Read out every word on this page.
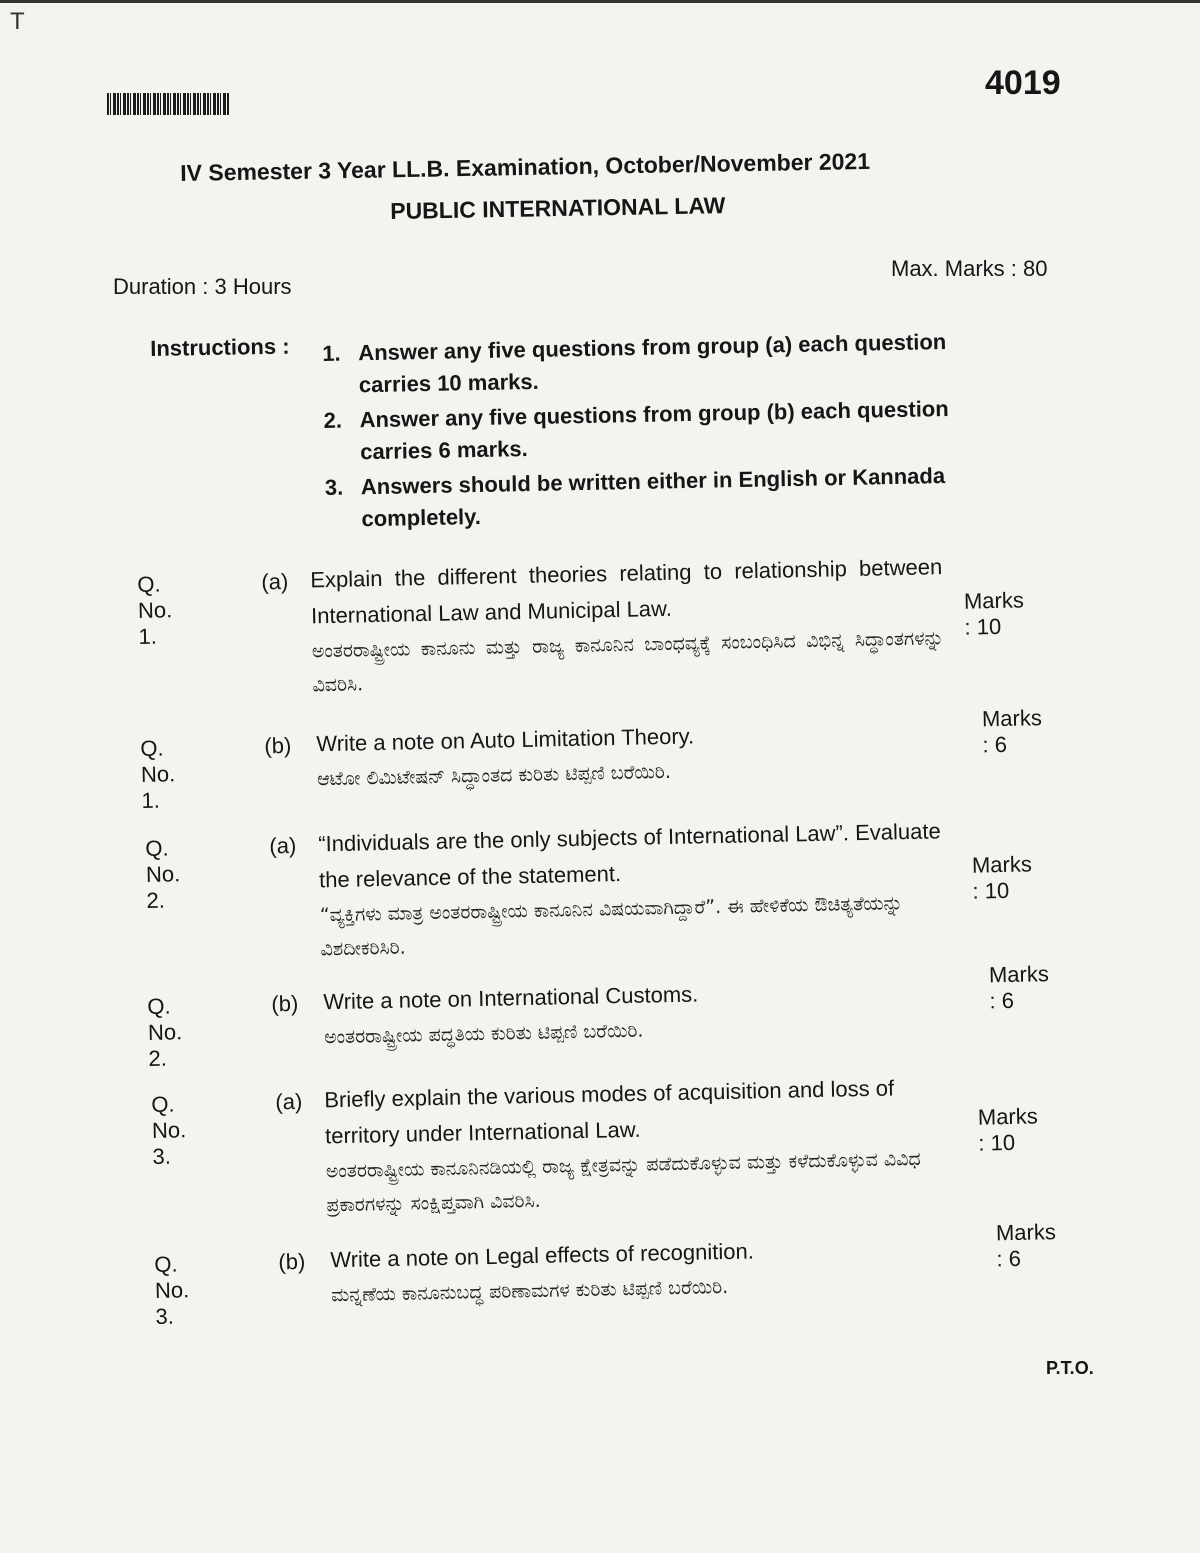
T
4019
IV Semester 3 Year LL.B. Examination, October/November 2021
PUBLIC INTERNATIONAL LAW
Duration : 3 Hours
Max. Marks : 80
Instructions : 1. Answer any five questions from group (a) each question carries 10 marks.
2. Answer any five questions from group (b) each question carries 6 marks.
3. Answers should be written either in English or Kannada completely.
Q. No. 1.
(a) Explain the different theories relating to relationship between International Law and Municipal Law.
ಅಂತರರಾಷ್ಟ್ರೀಯ ಕಾನೂನು ಮತ್ತು ರಾಜ್ಯ ಕಾನೂನಿನ ಬಾಂಧವ್ಯಕ್ಕೆ ಸಂಬಂಧಿಸಿದ ವಿಭಿನ್ನ ಸಿದ್ಧಾಂತಗಳನ್ನು ವಿವರಿಸಿ.
Marks : 10
Q. No. 1.
(b) Write a note on Auto Limitation Theory.
ಆಟೋ ಲಿಮಿಟೇಷನ್ ಸಿದ್ಧಾಂತದ ಕುರಿತು ಟಿಪ್ಪಣಿ ಬರೆಯಿರಿ.
Marks : 6
Q. No. 2.
(a) “Individuals are the only subjects of International Law”. Evaluate the relevance of the statement.
“ವ್ಯಕ್ತಿಗಳು ಮಾತ್ರ ಅಂತರರಾಷ್ಟ್ರೀಯ ಕಾನೂನಿನ ವಿಷಯವಾಗಿದ್ದಾರೆ”. ಈ ಹೇಳಿಕೆಯ ಔಚಿತ್ಯತೆಯನ್ನು ವಿಶದೀಕರಿಸಿರಿ.
Marks : 10
Q. No. 2.
(b) Write a note on International Customs.
ಅಂತರರಾಷ್ಟ್ರೀಯ ಪದ್ಧತಿಯ ಕುರಿತು ಟಿಪ್ಪಣಿ ಬರೆಯಿರಿ.
Marks : 6
Q. No. 3.
(a) Briefly explain the various modes of acquisition and loss of territory under International Law.
ಅಂತರರಾಷ್ಟ್ರೀಯ ಕಾನೂನಿನಡಿಯಲ್ಲಿ ರಾಜ್ಯ ಕ್ಷೇತ್ರವನ್ನು ಪಡೆದುಕೊಳ್ಳುವ ಮತ್ತು ಕಳೆದುಕೊಳ್ಳುವ ವಿವಿಧ ಪ್ರಕಾರಗಳನ್ನು ಸಂಕ್ಷಿಪ್ತವಾಗಿ ವಿವರಿಸಿ.
Marks : 10
Q. No. 3.
(b) Write a note on Legal effects of recognition.
ಮನ್ನಣೆಯ ಕಾನೂನುಬದ್ಧ ಪರಿಣಾಮಗಳ ಕುರಿತು ಟಿಪ್ಪಣಿ ಬರೆಯಿರಿ.
Marks : 6
P.T.O.
